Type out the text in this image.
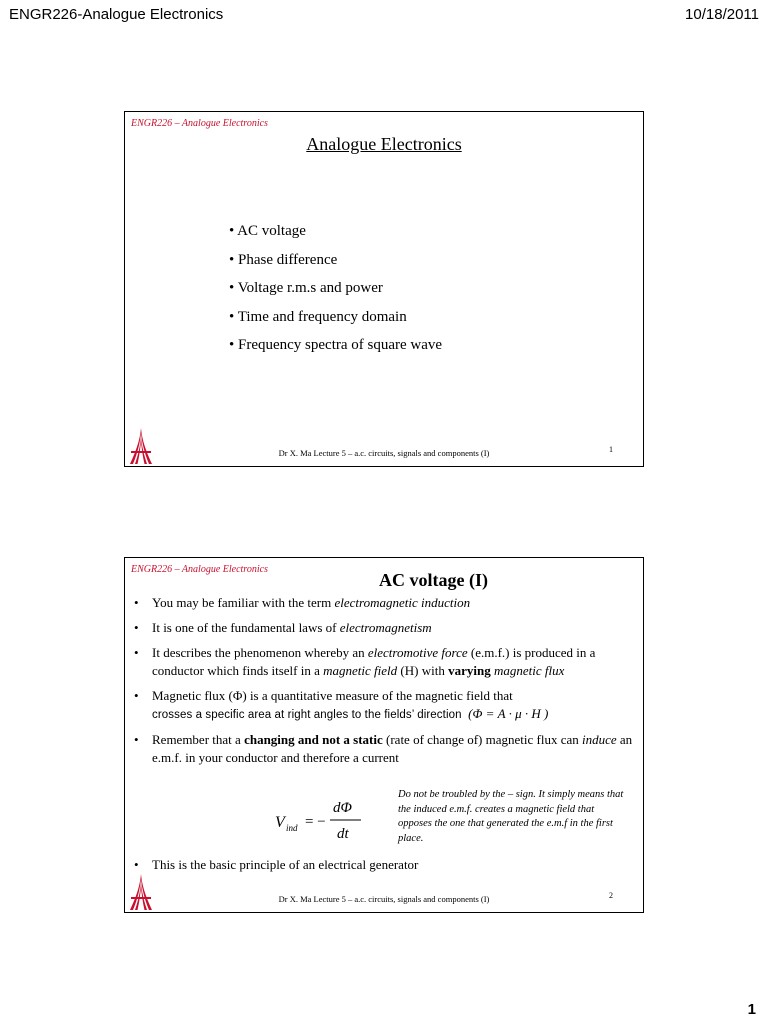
ENGR226-Analogue Electronics	10/18/2011
ENGR226 – Analogue Electronics
Analogue Electronics
• AC voltage
• Phase difference
• Voltage r.m.s and power
• Time and frequency domain
• Frequency spectra of square wave
Dr X. Ma Lecture 5 – a.c. circuits, signals and components (I)	1
ENGR226 – Analogue Electronics
AC voltage (I)
• You may be familiar with the term electromagnetic induction
• It is one of the fundamental laws of electromagnetism
• It describes the phenomenon whereby an electromotive force (e.m.f.) is produced in a conductor which finds itself in a magnetic field (H) with varying magnetic flux
• Magnetic flux (Φ) is a quantitative measure of the magnetic field that
crosses a specific area at right angles to the fields’ direction (Φ = A · μ · H )
• Remember that a changing and not a static (rate of change of) magnetic flux can induce an e.m.f. in your conductor and therefore a current
V ind = −
dΦ
dt
Do not be troubled by the – sign. It simply means that the induced e.m.f. creates a magnetic field that opposes the one that generated the e.m.f in the first place.
• This is the basic principle of an electrical generator
Dr X. Ma Lecture 5 – a.c. circuits, signals and components (I)	2
1
